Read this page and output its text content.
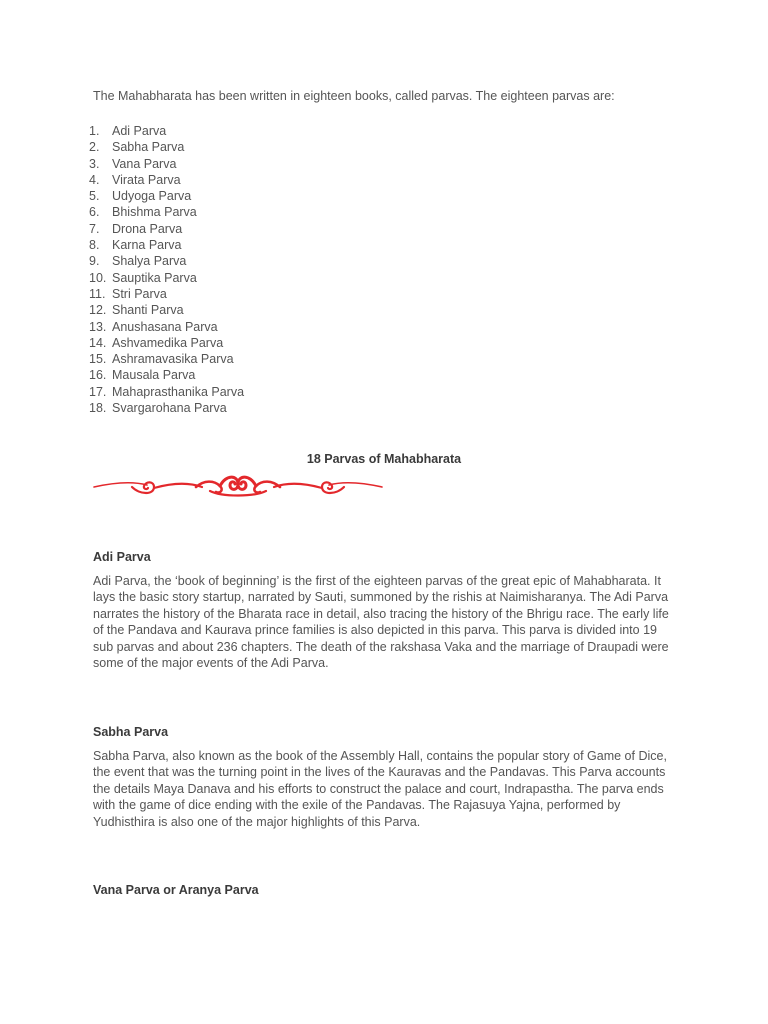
The Mahabharata has been written in eighteen books, called parvas. The eighteen parvas are:
1. Adi Parva
2. Sabha Parva
3. Vana Parva
4. Virata Parva
5. Udyoga Parva
6. Bhishma Parva
7. Drona Parva
8. Karna Parva
9. Shalya Parva
10. Sauptika Parva
11. Stri Parva
12. Shanti Parva
13. Anushasana Parva
14. Ashvamedika Parva
15. Ashramavasika Parva
16. Mausala Parva
17. Mahaprasthanika Parva
18. Svargarohana Parva
18 Parvas of Mahabharata
Adi Parva

Adi Parva, the ‘book of beginning’ is the first of the eighteen parvas of the great epic of Mahabharata. It lays the basic story startup, narrated by Sauti, summoned by the rishis at Naimisharanya. The Adi Parva narrates the history of the Bharata race in detail, also tracing the history of the Bhrigu race. The early life of the Pandava and Kaurava prince families is also depicted in this parva. This parva is divided into 19 sub parvas and about 236 chapters. The death of the rakshasa Vaka and the marriage of Draupadi were some of the major events of the Adi Parva.

Sabha Parva

Sabha Parva, also known as the book of the Assembly Hall, contains the popular story of Game of Dice, the event that was the turning point in the lives of the Kauravas and the Pandavas. This Parva accounts the details Maya Danava and his efforts to construct the palace and court, Indrapastha. The parva ends with the game of dice ending with the exile of the Pandavas. The Rajasuya Yajna, performed by Yudhisthira is also one of the major highlights of this Parva.

Vana Parva or Aranya Parva
